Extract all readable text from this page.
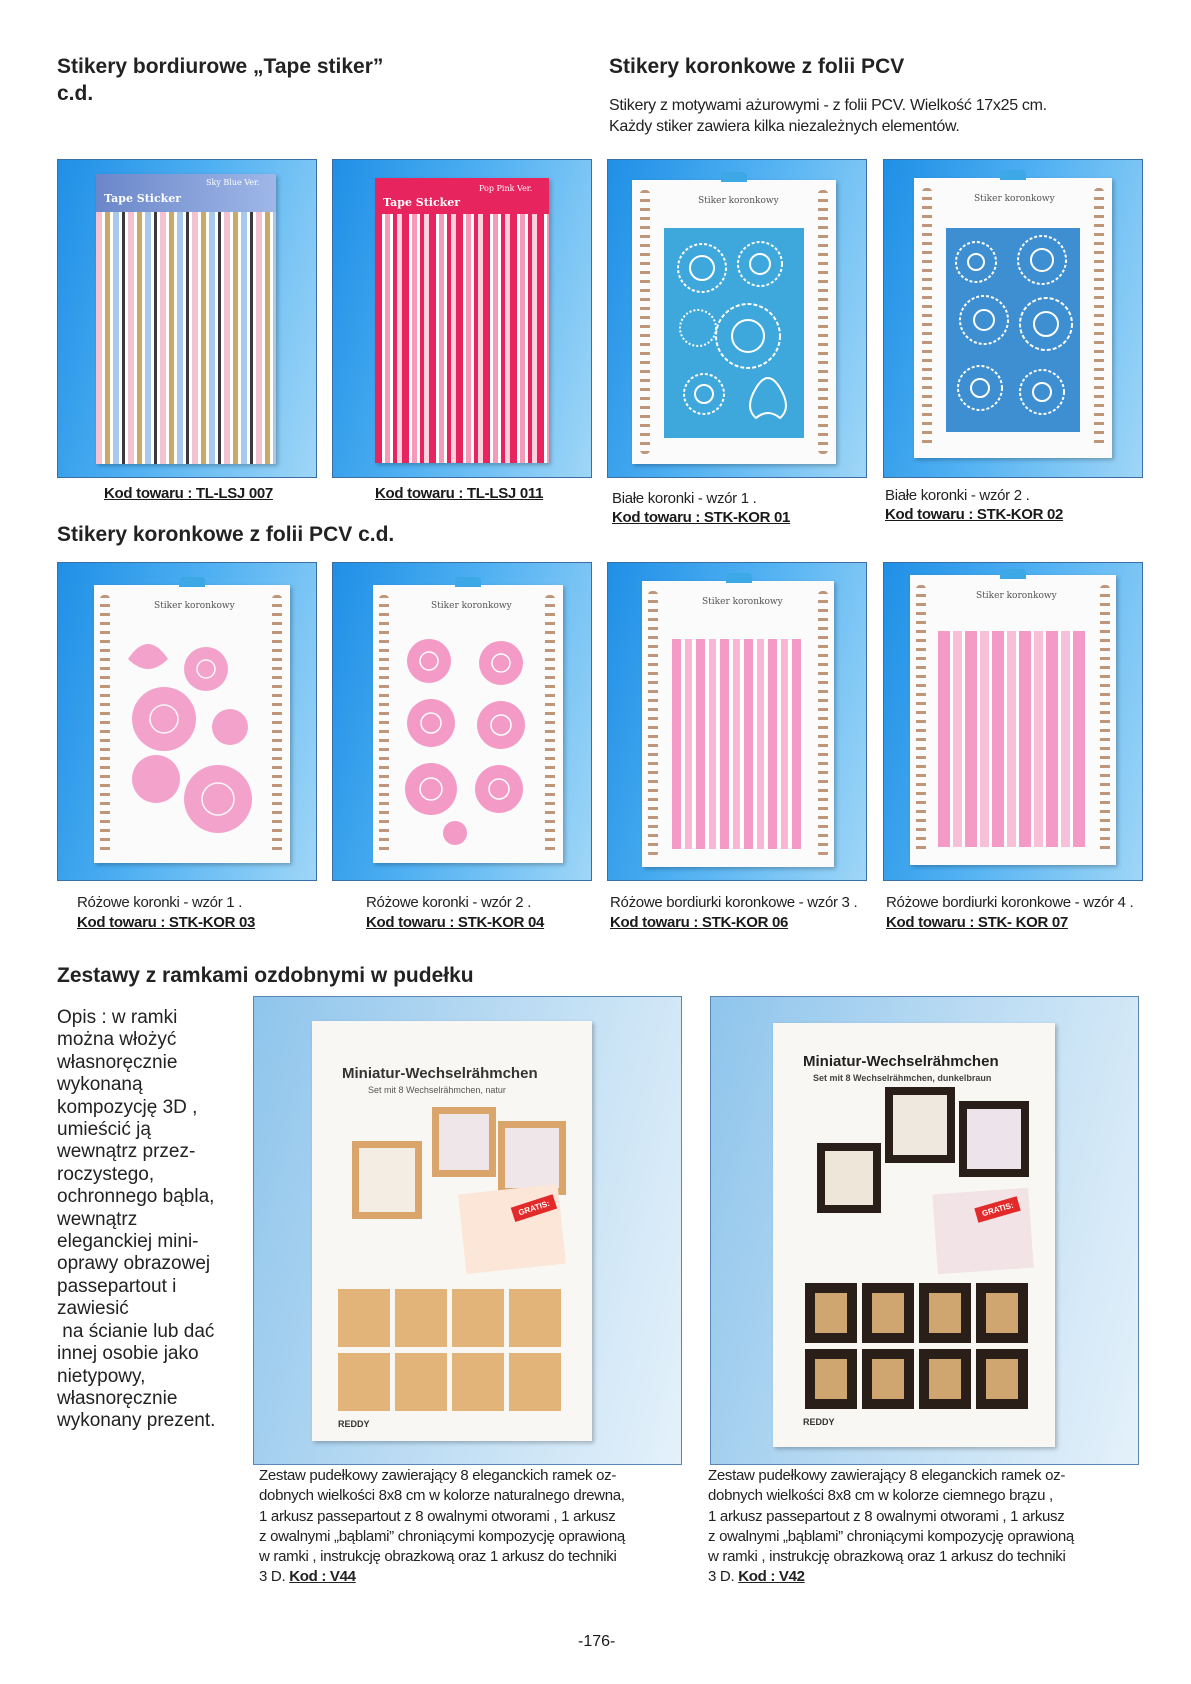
Stikery bordiurowe „Tape stiker”
c.d.
Stikery koronkowe z folii PCV
Stikery z motywami ażurowymi - z folii PCV. Wielkość 17x25 cm.
Każdy stiker zawiera kilka niezależnych elementów.
Tape Sticker
Sky Blue Ver.
Tape Sticker
Pop Pink Ver.
Stiker koronkowy	Stiker koronkowy
Kod towaru : TL-LSJ 007	Kod towaru : TL-LSJ 011	Białe koronki - wzór 1 .
Kod towaru : STK-KOR 01
Białe koronki - wzór 2 .
Kod towaru : STK-KOR 02
Stikery koronkowe z folii PCV c.d.
Stiker koronkowy	Stiker koronkowy	Stiker koronkowy
Stiker koronkowy
Różowe koronki - wzór 1 .
Kod towaru : STK-KOR 03
Różowe koronki - wzór 2 .
Kod towaru : STK-KOR 04
Różowe bordiurki koronkowe - wzór 3 .
Kod towaru : STK-KOR 06
Różowe bordiurki koronkowe - wzór 4 .
Kod towaru : STK- KOR 07
Zestawy z ramkami ozdobnymi w pudełku
Opis : w ramki
można włożyć
własnoręcznie
wykonaną
kompozycję 3D ,
umieścić ją
wewnątrz przez-
roczystego,
ochronnego bąbla,
wewnątrz
eleganckiej mini-
oprawy obrazowej
passepartout i
zawiesić
na ścianie lub dać
innej osobie jako
nietypowy,
własnoręcznie
wykonany prezent.
Miniatur-Wechselrähmchen
Set mit 8 Wechselrähmchen, natur
GRATIS:
REDDY
Miniatur-Wechselrähmchen
Set mit 8 Wechselrähmchen, dunkelbraun
GRATIS:
REDDY
Zestaw pudełkowy zawierający 8 eleganckich ramek oz-
dobnych wielkości 8x8 cm w kolorze naturalnego drewna,
1 arkusz passepartout z 8 owalnymi otworami , 1 arkusz
z owalnymi „bąblami” chroniącymi kompozycję oprawioną
w ramki , instrukcję obrazkową oraz 1 arkusz do techniki
3 D. Kod : V44
Zestaw pudełkowy zawierający 8 eleganckich ramek oz-
dobnych wielkości 8x8 cm w kolorze ciemnego brązu ,
1 arkusz passepartout z 8 owalnymi otworami , 1 arkusz
z owalnymi „bąblami” chroniącymi kompozycję oprawioną
w ramki , instrukcję obrazkową oraz 1 arkusz do techniki
3 D. Kod : V42
-176-
